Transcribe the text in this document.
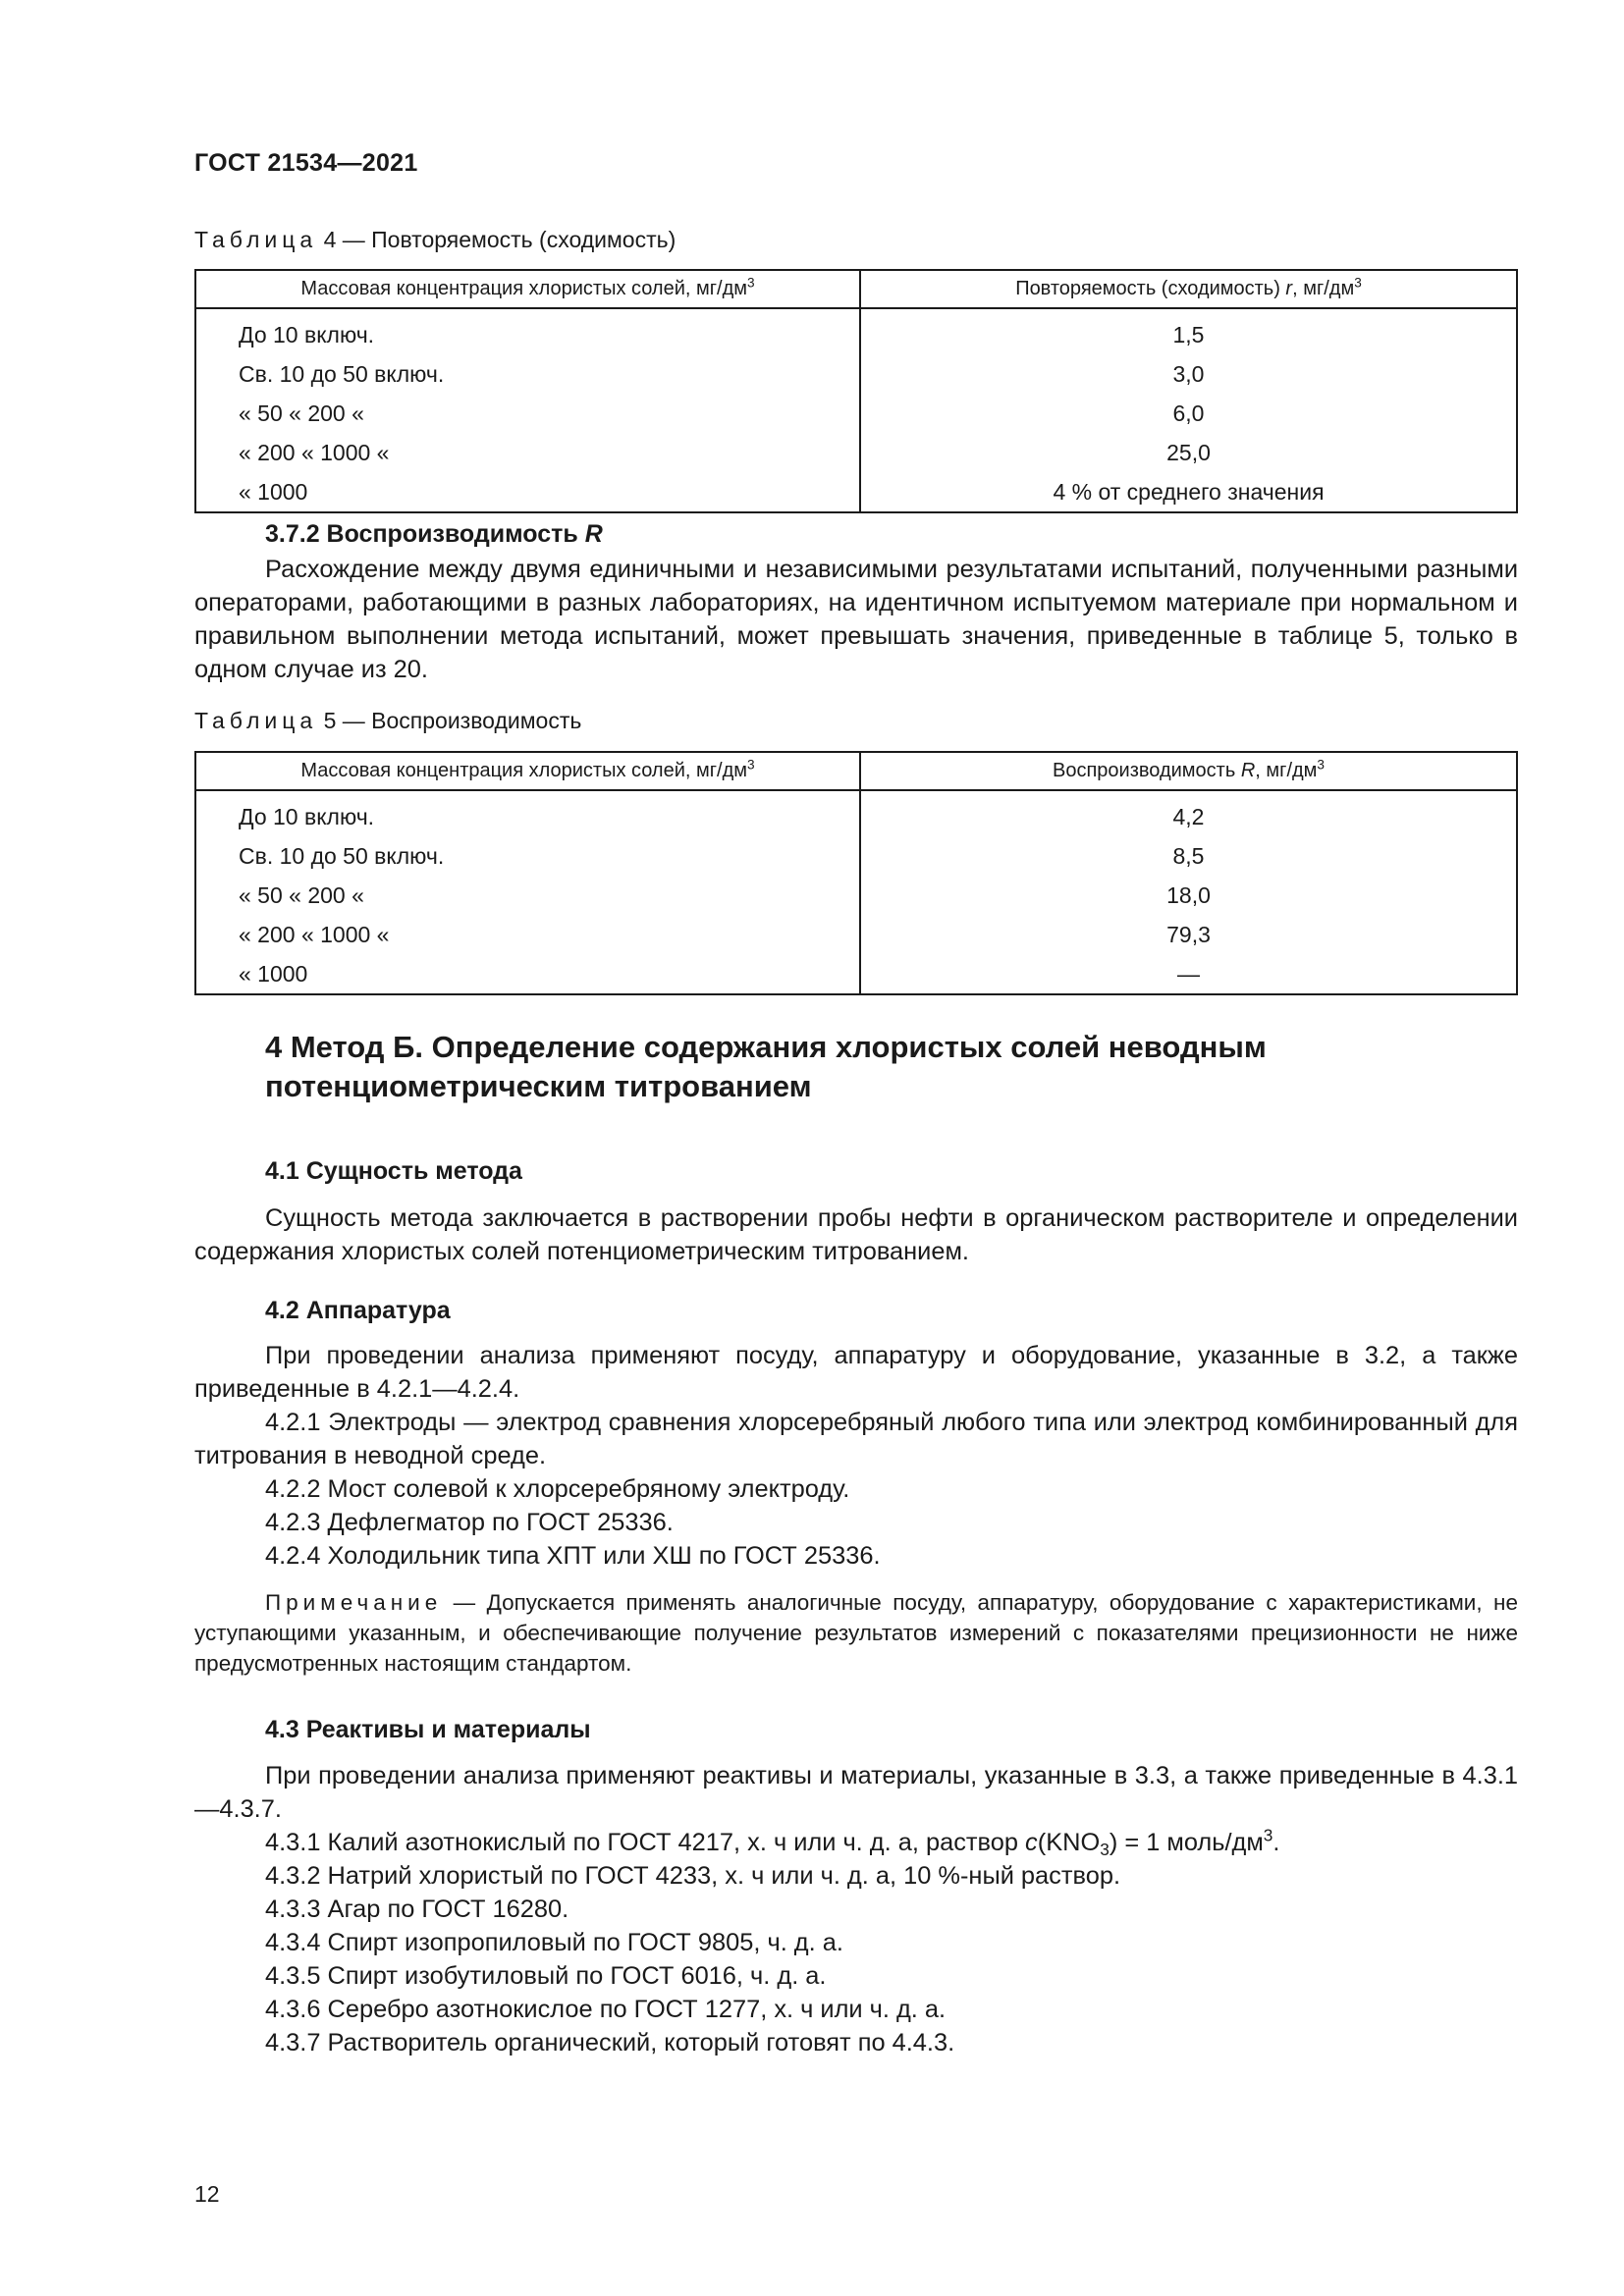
ГОСТ 21534—2021
Таблица 4 — Повторяемость (сходимость)
Массовая концентрация хлористых солей, $мг/дм^3$	Повторяемость (сходимость) r, $мг/дм^3$
До 10 включ.	1,5
Св. 10 до 50 включ.	3,0
« 50 « 200 «	6,0
« 200 « 1000 «	25,0
« 1000	4 % от среднего значения
3.7.2 Воспроизводимость R
Расхождение между двумя единичными и независимыми результатами испытаний, полученными разными операторами, работающими в разных лабораториях, на идентичном испытуемом материале при нормальном и правильном выполнении метода испытаний, может превышать значения, приведенные в таблице 5, только в одном случае из 20.
Таблица 5 — Воспроизводимость
Массовая концентрация хлористых солей, $мг/дм^3$	Воспроизводимость R, $мг/дм^3$
До 10 включ.	4,2
Св. 10 до 50 включ.	8,5
« 50 « 200 «	18,0
« 200 « 1000 «	79,3
« 1000	—
4 Метод Б. Определение содержания хлористых солей неводным
потенциометрическим титрованием
4.1 Сущность метода
Сущность метода заключается в растворении пробы нефти в органическом растворителе и определении содержания хлористых солей потенциометрическим титрованием.
4.2 Аппаратура
При проведении анализа применяют посуду, аппаратуру и оборудование, указанные в 3.2, а также приведенные в 4.2.1—4.2.4.
4.2.1 Электроды — электрод сравнения хлорсеребряный любого типа или электрод комбинированный для титрования в неводной среде.
4.2.2 Мост солевой к хлорсеребряному электроду.
4.2.3 Дефлегматор по ГОСТ 25336.
4.2.4 Холодильник типа ХПТ или ХШ по ГОСТ 25336.
Примечание — Допускается применять аналогичные посуду, аппаратуру, оборудование с характеристиками, не уступающими указанным, и обеспечивающие получение результатов измерений с показателями прецизионности не ниже предусмотренных настоящим стандартом.
4.3 Реактивы и материалы
При проведении анализа применяют реактивы и материалы, указанные в 3.3, а также приведенные в 4.3.1—4.3.7.
4.3.1 Калий азотнокислый по ГОСТ 4217, х. ч или ч. д. а, раствор $c(KNO_3) = 1$ моль/$дм^3$.
4.3.2 Натрий хлористый по ГОСТ 4233, х. ч или ч. д. а, 10 %-ный раствор.
4.3.3 Агар по ГОСТ 16280.
4.3.4 Спирт изопропиловый по ГОСТ 9805, ч. д. а.
4.3.5 Спирт изобутиловый по ГОСТ 6016, ч. д. а.
4.3.6 Серебро азотнокислое по ГОСТ 1277, х. ч или ч. д. а.
4.3.7 Растворитель органический, который готовят по 4.4.3.
12
